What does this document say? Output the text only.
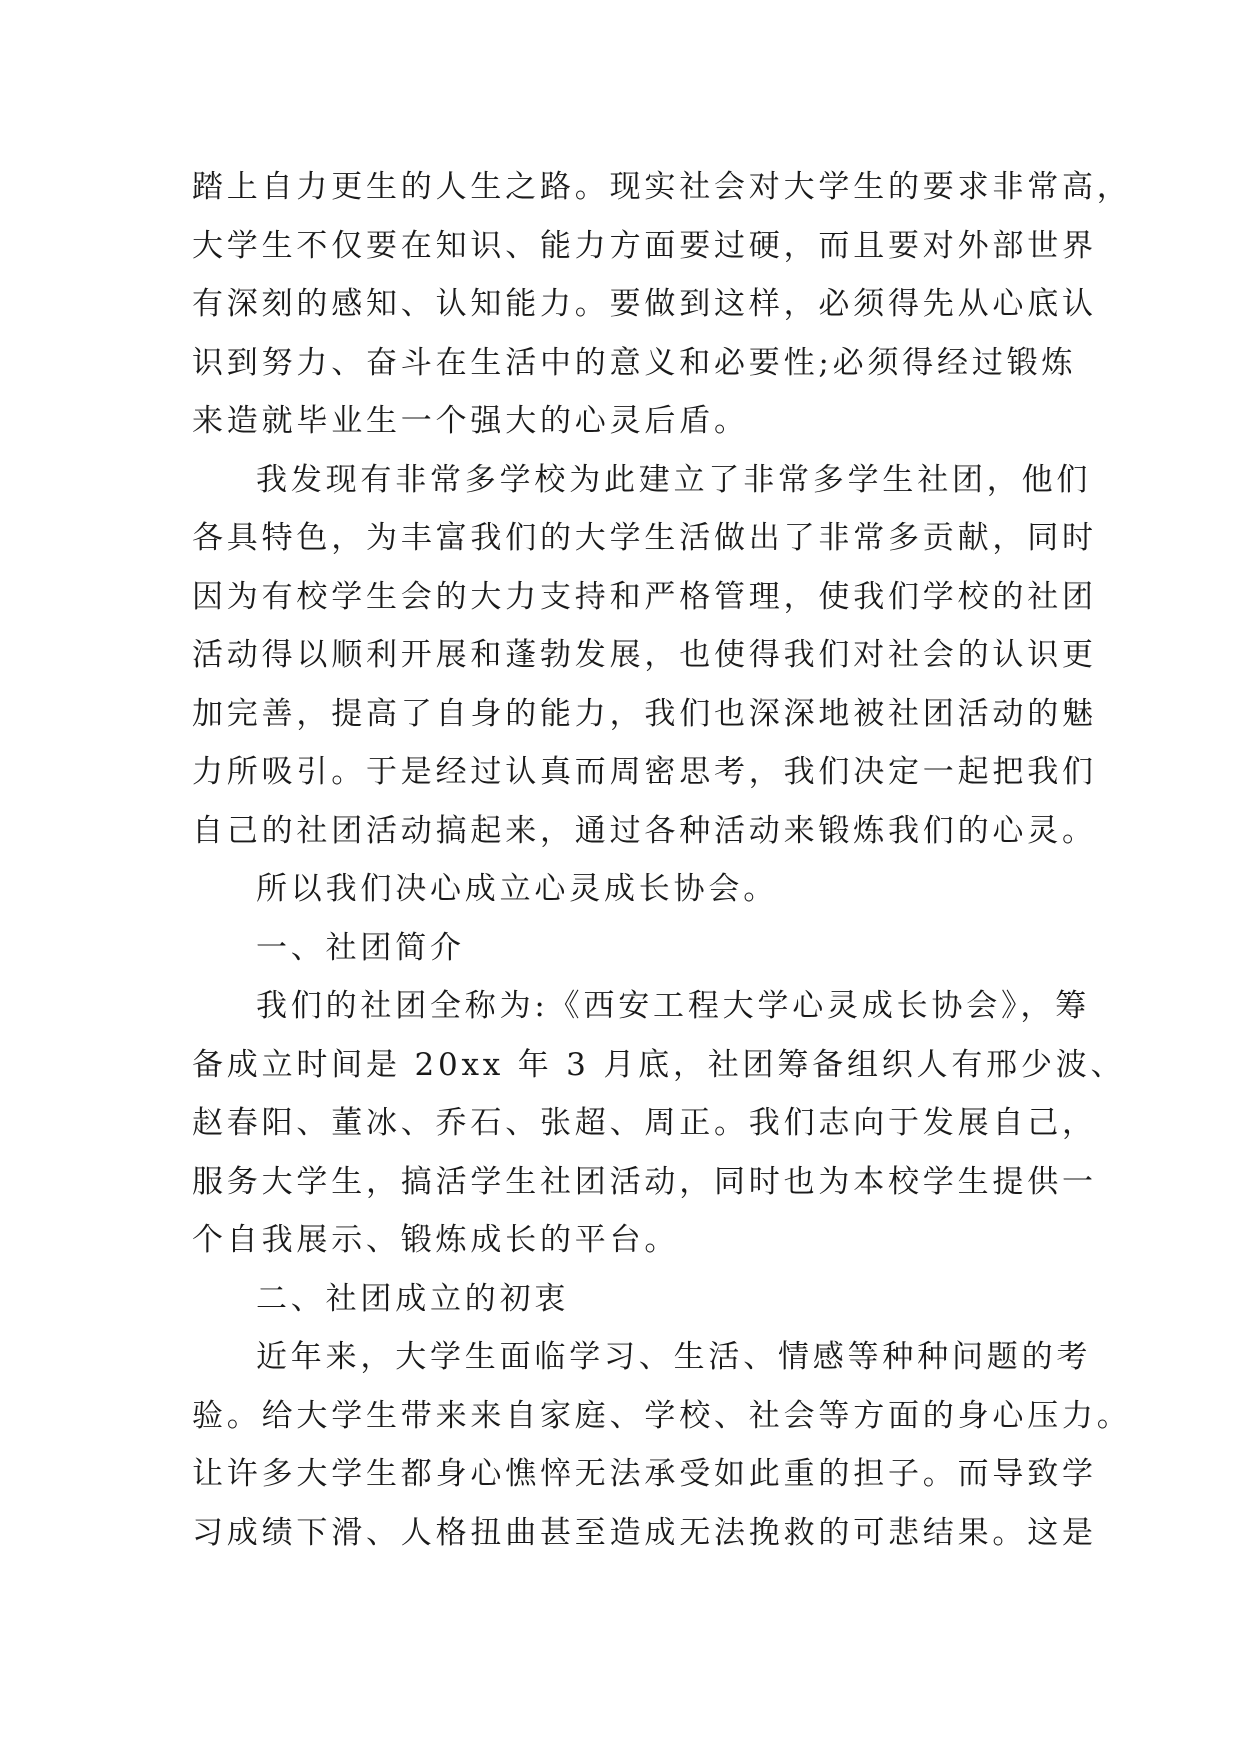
踏上自力更生的人生之路。现实社会对大学生的要求非常高，
大学生不仅要在知识、能力方面要过硬，而且要对外部世界
有深刻的感知、认知能力。要做到这样，必须得先从心底认
识到努力、奋斗在生活中的意义和必要性;必须得经过锻炼
来造就毕业生一个强大的心灵后盾。
我发现有非常多学校为此建立了非常多学生社团，他们
各具特色，为丰富我们的大学生活做出了非常多贡献，同时
因为有校学生会的大力支持和严格管理，使我们学校的社团
活动得以顺利开展和蓬勃发展，也使得我们对社会的认识更
加完善，提高了自身的能力，我们也深深地被社团活动的魅
力所吸引。于是经过认真而周密思考，我们决定一起把我们
自己的社团活动搞起来，通过各种活动来锻炼我们的心灵。
所以我们决心成立心灵成长协会。
一、社团简介
我们的社团全称为:《西安工程大学心灵成长协会》，筹
备成立时间是 20xx 年 3 月底，社团筹备组织人有邢少波、
赵春阳、董冰、乔石、张超、周正。我们志向于发展自己，
服务大学生，搞活学生社团活动，同时也为本校学生提供一
个自我展示、锻炼成长的平台。
二、社团成立的初衷
近年来，大学生面临学习、生活、情感等种种问题的考
验。给大学生带来来自家庭、学校、社会等方面的身心压力。
让许多大学生都身心憔悴无法承受如此重的担子。而导致学
习成绩下滑、人格扭曲甚至造成无法挽救的可悲结果。这是
